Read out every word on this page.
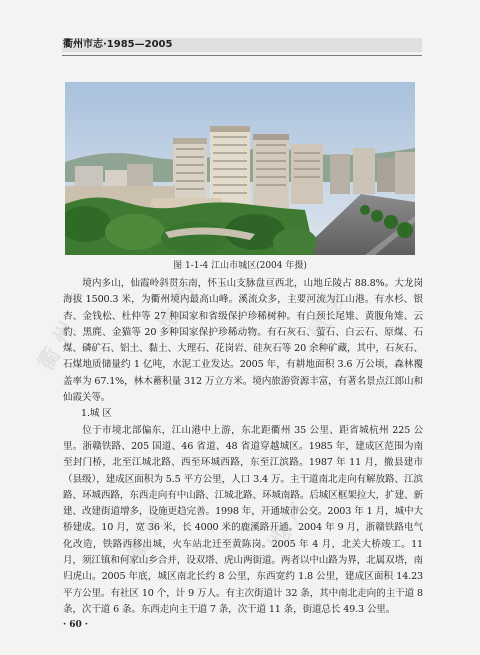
衢州市志·1985—2005
图 1-1-4 江山市城区(2004 年摄)

境内多山，仙霞岭斜贯东南，怀玉山支脉盘亘西北，山地丘陵占 88.8%。大龙岗海拔 1500.3 米，为衢州境内最高山峰。溪流众多，主要河流为江山港。有水杉、银杏、金钱松、杜仲等 27 种国家和省级保护珍稀树种。有白颈长尾雉、黄腹角雉、云豹、黑麂、金猫等 20 多种国家保护珍稀动物。有石灰石、萤石、白云石、原煤、石煤、磷矿石、铝土、黏土、大理石、花岗岩、硅灰石等 20 余种矿藏，其中，石灰石、石煤地质储量约 1 亿吨，水泥工业发达。2005 年，有耕地面积 3.6 万公顷，森林覆盖率为 67.1%，林木蓄积量 312 万立方米。境内旅游资源丰富，有著名景点江郎山和仙霞关等。

1.城 区

位于市境北部偏东，江山港中上游，东北距衢州 35 公里、距省城杭州 225 公里。浙赣铁路、205 国道、46 省道、48 省道穿越城区。1985 年，建成区范围为南至封门桥，北至江城北路、西至环城西路，东至江滨路。1987 年 11 月，撤县建市（县级），建成区面积为 5.5 平方公里，人口 3.4 万。主干道南北走向有解放路、江滨路、环城西路，东西走向有中山路、江城北路、环城南路。后城区框架拉大，扩建、新建、改建街道增多，设施更趋完善。1998 年，开通城市公交。2003 年 1 月，城中大桥建成。10 月，宽 36 米，长 4000 米的鹿溪路开通。2004 年 9 月，浙赣铁路电气化改造，铁路西移出城，火车站北迁至黄陈岗。2005 年 4 月，北关大桥竣工。11 月，须江镇和何家山乡合并，设双塔、虎山两街道。两者以中山路为界，北属双塔，南归虎山。2005 年底，城区南北长约 8 公里，东西宽约 1.8 公里，建成区面积 14.23 平方公里。有社区 10 个，计 9 万人。有主次街道计 32 条，其中南北走向的主干道 8 条，次干道 6 条。东西走向主干道 7 条，次干道 11 条，街道总长 49.3 公里。

衢 州
地 方	员 会
衢 州	地 方
· 60 ·
